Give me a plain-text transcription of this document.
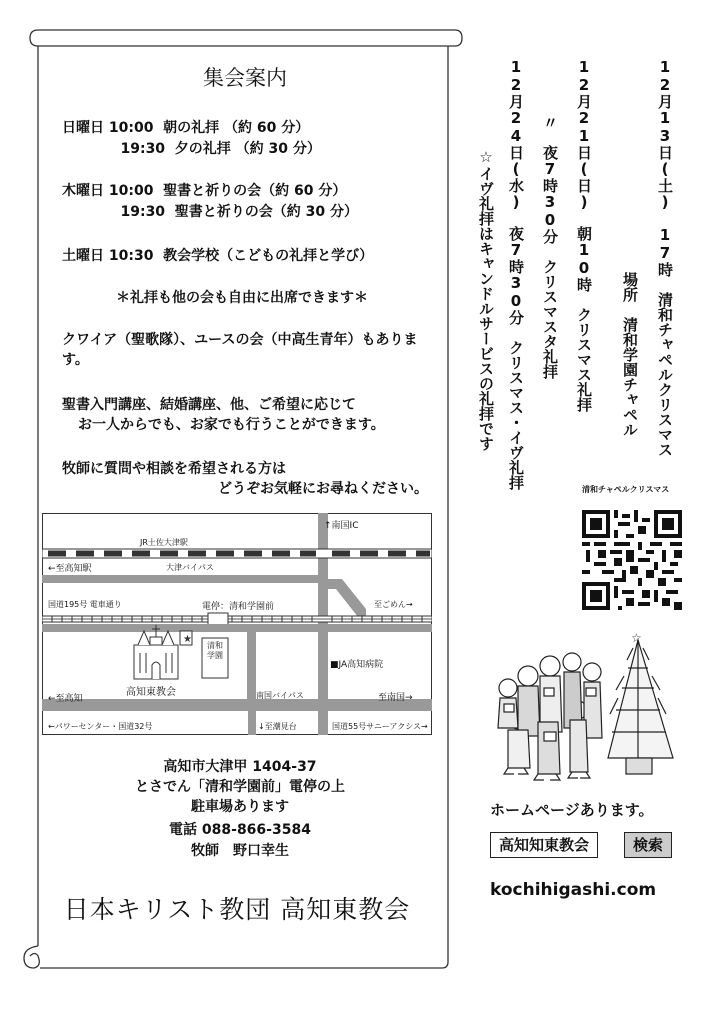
集会案内
日曜日 10:00  朝の礼拝 （約 60 分）
19:30  夕の礼拝 （約 30 分）
木曜日 10:00  聖書と祈りの会（約 60 分）
19:30  聖書と祈りの会（約 30 分）
土曜日 10:30  教会学校（こどもの礼拝と学び）
＊礼拝も他の会も自由に出席できます＊
クワイア（聖歌隊）、ユースの会（中高生青年）もあります。
聖書入門講座、結婚講座、他、ご希望に応じて
お一人からでも、お家でも行うことができます。
牧師に質問や相談を希望される方は
どうぞお気軽にお尋ねください。
★
↑南国IC
JR土佐大津駅
←至高知駅	大津バイパス
国道195号 電車通り	電停：清和学園前	至ごめん→
清和学園
■JA高知病院
高知東教会
←至高知	南国バイパス	至南国→
←パワーセンター・国道32号	↓至潮見台	国道55号サニーアクシス→
高知市大津甲 1404-37
とさでん「清和学園前」電停の上
駐車場あります
電話 088-866-3584
牧師　野口幸生
日本キリスト教団 高知東教会
12月13日(土)　17時　清和チャペルクリスマス
場所　清和学園チャペル
12月21日(日)　朝10時　クリスマス礼拝
〃　夜7時30分　クリスマスタ礼拝
12月24日(水)　夜7時30分　クリスマス・イヴ礼拝
☆イヴ礼拝はキャンドルサービスの礼拝です
清和チャペルクリスマス
☆
ホームページあります。
高知知東教会	検索
kochihigashi.com
